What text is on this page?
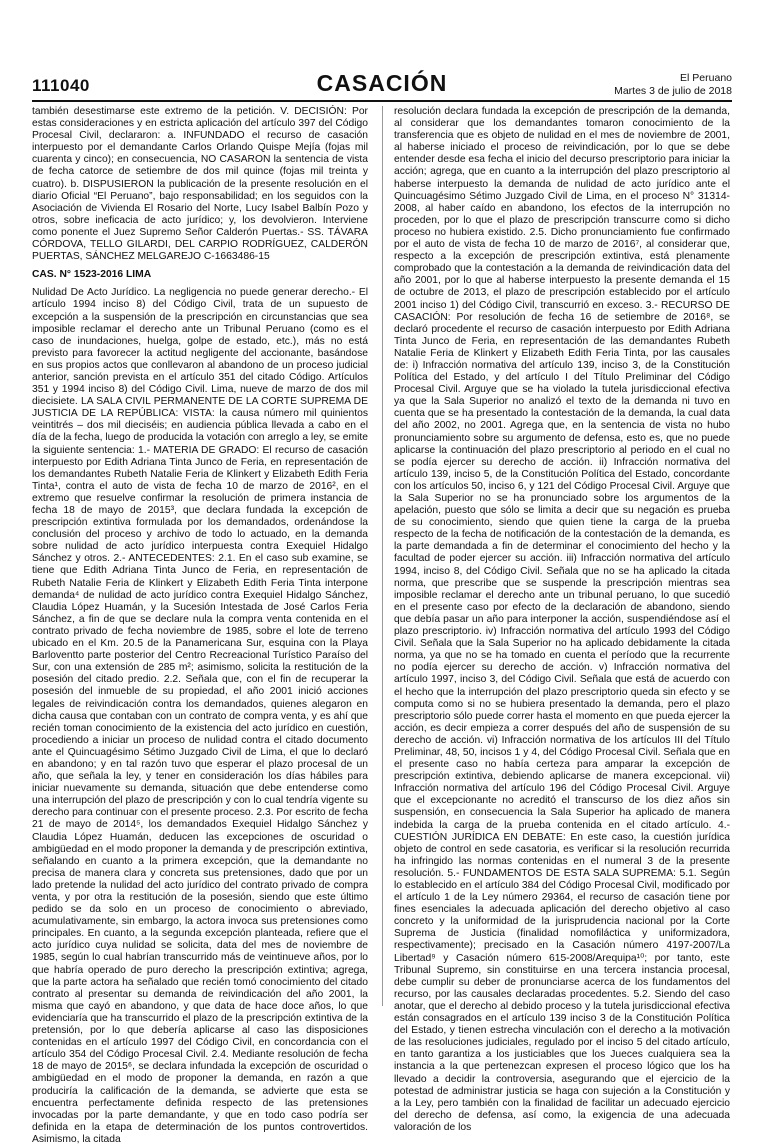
111040	CASACIÓN	El Peruano
Martes 3 de julio de 2018

también desestimarse este extremo de la petición. V. DECISIÓN: Por estas consideraciones y en estricta aplicación del artículo 397 del Código Procesal Civil, declararon: a. INFUNDADO el recurso de casación interpuesto por el demandante Carlos Orlando Quispe Mejía (fojas mil cuarenta y cinco); en consecuencia, NO CASARON la sentencia de vista de fecha catorce de setiembre de dos mil quince (fojas mil treinta y cuatro). b. DISPUSIERON la publicación de la presente resolución en el diario Oficial “El Peruano”, bajo responsabilidad; en los seguidos con la Asociación de Vivienda El Rosario del Norte, Lucy Isabel Balbín Pozo y otros, sobre ineficacia de acto jurídico; y, los devolvieron. Interviene como ponente el Juez Supremo Señor Calderón Puertas.- SS. TÁVARA CÓRDOVA, TELLO GILARDI, DEL CARPIO RODRÍGUEZ, CALDERÓN PUERTAS, SÁNCHEZ MELGAREJO C-1663486-15

CAS. N° 1523-2016 LIMA

Nulidad De Acto Jurídico. La negligencia no puede generar derecho.- El artículo 1994 inciso 8) del Código Civil, trata de un supuesto de excepción a la suspensión de la prescripción en circunstancias que sea imposible reclamar el derecho ante un Tribunal Peruano (como es el caso de inundaciones, huelga, golpe de estado, etc.), más no está previsto para favorecer la actitud negligente del accionante, basándose en sus propios actos que conllevaron al abandono de un proceso judicial anterior, sanción prevista en el artículo 351 del citado Código. Artículos 351 y 1994 inciso 8) del Código Civil. Lima, nueve de marzo de dos mil diecisiete. LA SALA CIVIL PERMANENTE DE LA CORTE SUPREMA DE JUSTICIA DE LA REPÚBLICA: VISTA: la causa número mil quinientos veintitrés – dos mil dieciséis; en audiencia pública llevada a cabo en el día de la fecha, luego de producida la votación con arreglo a ley, se emite la siguiente sentencia: 1.- MATERIA DE GRADO: El recurso de casación interpuesto por Edith Adriana Tinta Junco de Feria, en representación de los demandantes Rubeth Natalie Feria de Klinkert y Elizabeth Edith Feria Tinta¹, contra el auto de vista de fecha 10 de marzo de 2016², en el extremo que resuelve confirmar la resolución de primera instancia de fecha 18 de mayo de 2015³, que declara fundada la excepción de prescripción extintiva formulada por los demandados, ordenándose la conclusión del proceso y archivo de todo lo actuado, en la demanda sobre nulidad de acto jurídico interpuesta contra Exequiel Hidalgo Sánchez y otros. 2.- ANTECEDENTES: 2.1. En el caso sub examine, se tiene que Edith Adriana Tinta Junco de Feria, en representación de Rubeth Natalie Feria de Klinkert y Elizabeth Edith Feria Tinta interpone demanda⁴ de nulidad de acto jurídico contra Exequiel Hidalgo Sánchez, Claudia López Huamán, y la Sucesión Intestada de José Carlos Feria Sánchez, a fin de que se declare nula la compra venta contenida en el contrato privado de fecha noviembre de 1985, sobre el lote de terreno ubicado en el Km. 20.5 de la Panamericana Sur, esquina con la Playa Barloventto parte posterior del Centro Recreacional Turístico Paraíso del Sur, con una extensión de 285 m²; asimismo, solicita la restitución de la posesión del citado predio. 2.2. Señala que, con el fin de recuperar la posesión del inmueble de su propiedad, el año 2001 inició acciones legales de reivindicación contra los demandados, quienes alegaron en dicha causa que contaban con un contrato de compra venta, y es ahí que recién toman conocimiento de la existencia del acto jurídico en cuestión, procediendo a iniciar un proceso de nulidad contra el citado documento ante el Quincuagésimo Sétimo Juzgado Civil de Lima, el que lo declaró en abandono; y en tal razón tuvo que esperar el plazo procesal de un año, que señala la ley, y tener en consideración los días hábiles para iniciar nuevamente su demanda, situación que debe entenderse como una interrupción del plazo de prescripción y con lo cual tendría vigente su derecho para continuar con el presente proceso. 2.3. Por escrito de fecha 21 de mayo de 2014⁵, los demandados Exequiel Hidalgo Sánchez y Claudia López Huamán, deducen las excepciones de oscuridad o ambigüedad en el modo proponer la demanda y de prescripción extintiva, señalando en cuanto a la primera excepción, que la demandante no precisa de manera clara y concreta sus pretensiones, dado que por un lado pretende la nulidad del acto jurídico del contrato privado de compra venta, y por otra la restitución de la posesión, siendo que este último pedido se da solo en un proceso de conocimiento o abreviado, acumulativamente, sin embargo, la actora invoca sus pretensiones como principales. En cuanto, a la segunda excepción planteada, refiere que el acto jurídico cuya nulidad se solicita, data del mes de noviembre de 1985, según lo cual habrían transcurrido más de veintinueve años, por lo que habría operado de puro derecho la prescripción extintiva; agrega, que la parte actora ha señalado que recién tomó conocimiento del citado contrato al presentar su demanda de reivindicación del año 2001, la misma que cayó en abandono, y que data de hace doce años, lo que evidenciaría que ha transcurrido el plazo de la prescripción extintiva de la pretensión, por lo que debería aplicarse al caso las disposiciones contenidas en el artículo 1997 del Código Civil, en concordancia con el artículo 354 del Código Procesal Civil. 2.4. Mediante resolución de fecha 18 de mayo de 2015⁶, se declara infundada la excepción de oscuridad o ambigüedad en el modo de proponer la demanda, en razón a que produciría la calificación de la demanda, se advierte que esta se encuentra perfectamente definida respecto de las pretensiones invocadas por la parte demandante, y que en todo caso podría ser definida en la etapa de determinación de los puntos controvertidos. Asimismo, la citada

resolución declara fundada la excepción de prescripción de la demanda, al considerar que los demandantes tomaron conocimiento de la transferencia que es objeto de nulidad en el mes de noviembre de 2001, al haberse iniciado el proceso de reivindicación, por lo que se debe entender desde esa fecha el inicio del decurso prescriptorio para iniciar la acción; agrega, que en cuanto a la interrupción del plazo prescriptorio al haberse interpuesto la demanda de nulidad de acto jurídico ante el Quincuagésimo Sétimo Juzgado Civil de Lima, en el proceso N° 31314-2008, al haber caído en abandono, los efectos de la interrupción no proceden, por lo que el plazo de prescripción transcurre como si dicho proceso no hubiera existido. 2.5. Dicho pronunciamiento fue confirmado por el auto de vista de fecha 10 de marzo de 2016⁷, al considerar que, respecto a la excepción de prescripción extintiva, está plenamente comprobado que la contestación a la demanda de reivindicación data del año 2001, por lo que al haberse interpuesto la presente demanda el 15 de octubre de 2013, el plazo de prescripción establecido por el artículo 2001 inciso 1) del Código Civil, transcurrió en exceso. 3.- RECURSO DE CASACIÓN: Por resolución de fecha 16 de setiembre de 2016⁸, se declaró procedente el recurso de casación interpuesto por Edith Adriana Tinta Junco de Feria, en representación de las demandantes Rubeth Natalie Feria de Klinkert y Elizabeth Edith Feria Tinta, por las causales de: i) Infracción normativa del artículo 139, inciso 3, de la Constitución Política del Estado, y del artículo I del Título Preliminar del Código Procesal Civil. Arguye que se ha violado la tutela jurisdiccional efectiva ya que la Sala Superior no analizó el texto de la demanda ni tuvo en cuenta que se ha presentado la contestación de la demanda, la cual data del año 2002, no 2001. Agrega que, en la sentencia de vista no hubo pronunciamiento sobre su argumento de defensa, esto es, que no puede aplicarse la continuación del plazo prescriptorio al periodo en el cual no se podía ejercer su derecho de acción. ii) Infracción normativa del artículo 139, inciso 5, de la Constitución Política del Estado, concordante con los artículos 50, inciso 6, y 121 del Código Procesal Civil. Arguye que la Sala Superior no se ha pronunciado sobre los argumentos de la apelación, puesto que sólo se limita a decir que su negación es prueba de su conocimiento, siendo que quien tiene la carga de la prueba respecto de la fecha de notificación de la contestación de la demanda, es la parte demandada a fin de determinar el conocimiento del hecho y la facultad de poder ejercer su acción. iii) Infracción normativa del artículo 1994, inciso 8, del Código Civil. Señala que no se ha aplicado la citada norma, que prescribe que se suspende la prescripción mientras sea imposible reclamar el derecho ante un tribunal peruano, lo que sucedió en el presente caso por efecto de la declaración de abandono, siendo que debía pasar un año para interponer la acción, suspendiéndose así el plazo prescriptorio. iv) Infracción normativa del artículo 1993 del Código Civil. Señala que la Sala Superior no ha aplicado debidamente la citada norma, ya que no se ha tomado en cuenta el período que la recurrente no podía ejercer su derecho de acción. v) Infracción normativa del artículo 1997, inciso 3, del Código Civil. Señala que está de acuerdo con el hecho que la interrupción del plazo prescriptorio queda sin efecto y se computa como si no se hubiera presentado la demanda, pero el plazo prescriptorio sólo puede correr hasta el momento en que pueda ejercer la acción, es decir empieza a correr después del año de suspensión de su derecho de acción. vi) Infracción normativa de los artículos III del Título Preliminar, 48, 50, incisos 1 y 4, del Código Procesal Civil. Señala que en el presente caso no había certeza para amparar la excepción de prescripción extintiva, debiendo aplicarse de manera excepcional. vii) Infracción normativa del artículo 196 del Código Procesal Civil. Arguye que el excepcionante no acreditó el transcurso de los diez años sin suspensión, en consecuencia la Sala Superior ha aplicado de manera indebida la carga de la prueba contenida en el citado artículo. 4.- CUESTIÓN JURÍDICA EN DEBATE: En este caso, la cuestión jurídica objeto de control en sede casatoria, es verificar si la resolución recurrida ha infringido las normas contenidas en el numeral 3 de la presente resolución. 5.- FUNDAMENTOS DE ESTA SALA SUPREMA: 5.1. Según lo establecido en el artículo 384 del Código Procesal Civil, modificado por el artículo 1 de la Ley número 29364, el recurso de casación tiene por fines esenciales la adecuada aplicación del derecho objetivo al caso concreto y la uniformidad de la jurisprudencia nacional por la Corte Suprema de Justicia (finalidad nomofiláctica y uniformizadora, respectivamente); precisado en la Casación número 4197-2007/La Libertad⁹ y Casación número 615-2008/Arequipa¹⁰; por tanto, este Tribunal Supremo, sin constituirse en una tercera instancia procesal, debe cumplir su deber de pronunciarse acerca de los fundamentos del recurso, por las causales declaradas procedentes. 5.2. Siendo del caso anotar, que el derecho al debido proceso y la tutela jurisdiccional efectiva están consagrados en el artículo 139 inciso 3 de la Constitución Política del Estado, y tienen estrecha vinculación con el derecho a la motivación de las resoluciones judiciales, regulado por el inciso 5 del citado artículo, en tanto garantiza a los justiciables que los Jueces cualquiera sea la instancia a la que pertenezcan expresen el proceso lógico que los ha llevado a decidir la controversia, asegurando que el ejercicio de la potestad de administrar justicia se haga con sujeción a la Constitución y a la Ley, pero también con la finalidad de facilitar un adecuado ejercicio del derecho de defensa, así como, la exigencia de una adecuada valoración de los
